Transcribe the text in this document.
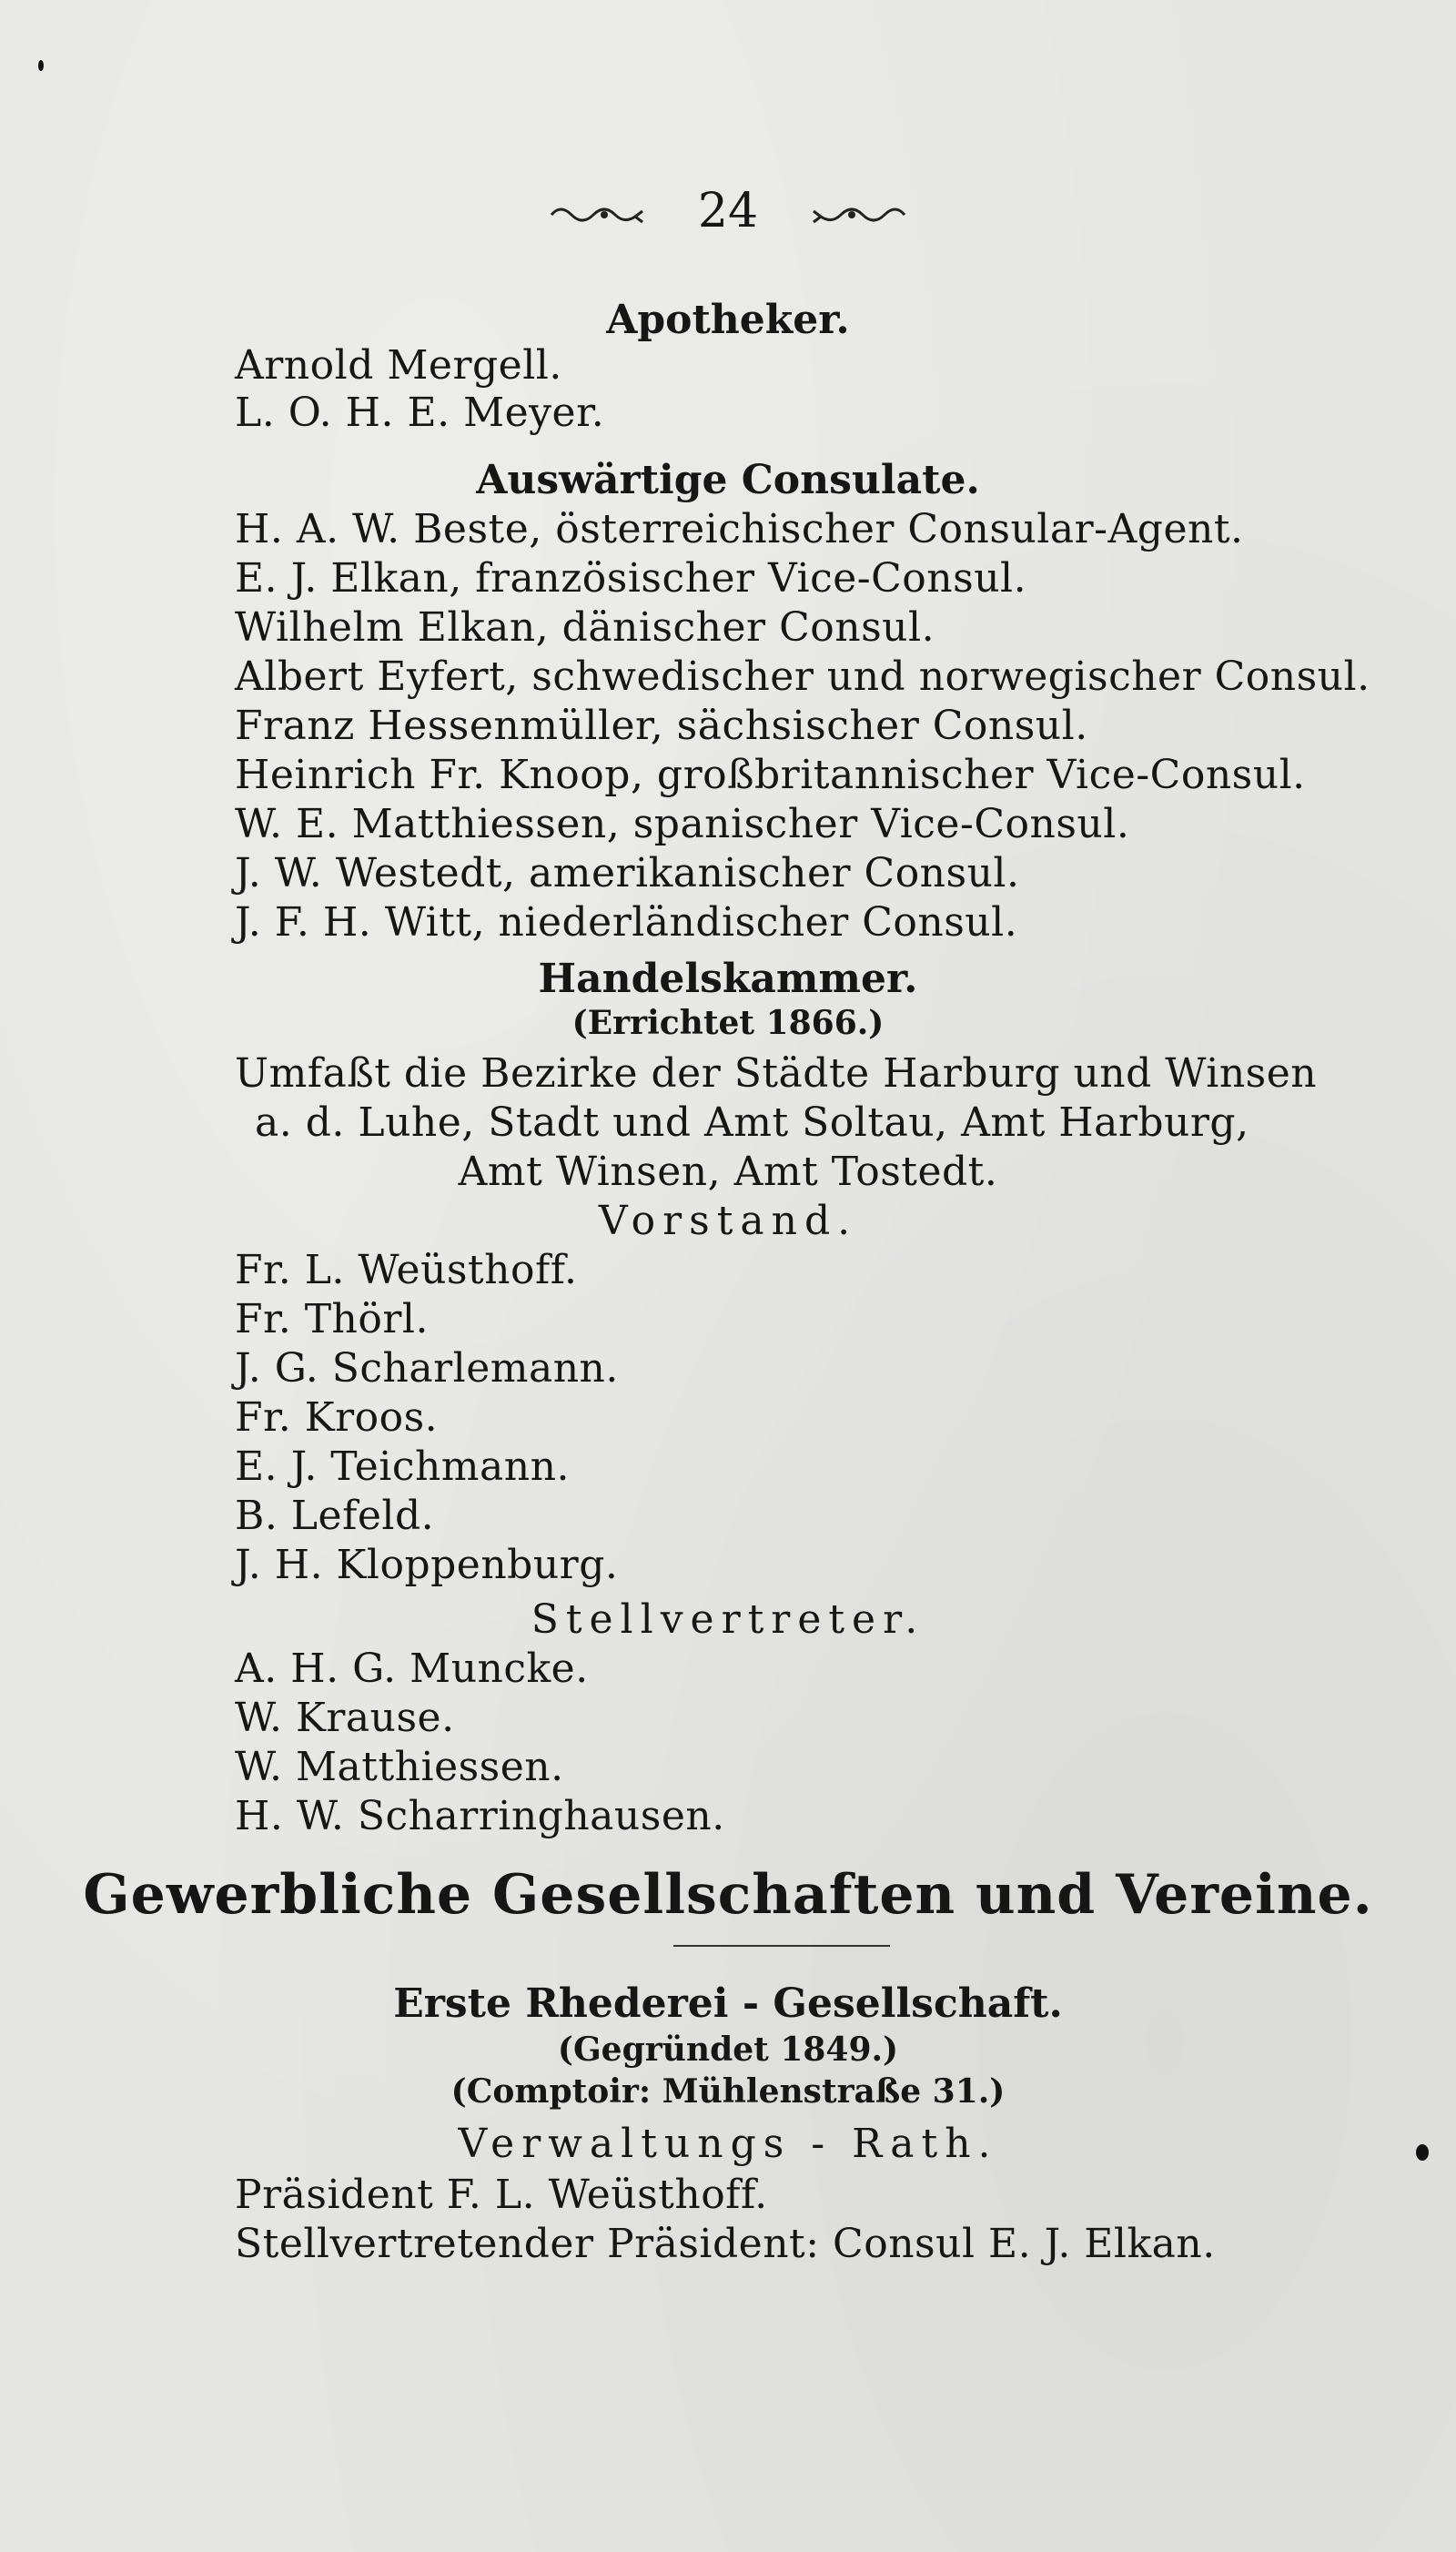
24
Apotheker.
Arnold Mergell.
L. O. H. E. Meyer.
Auswärtige Consulate.
H. A. W. Beste, österreichischer Consular-Agent.
E. J. Elkan, französischer Vice-Consul.
Wilhelm Elkan, dänischer Consul.
Albert Eyfert, schwedischer und norwegischer Consul.
Franz Hessenmüller, sächsischer Consul.
Heinrich Fr. Knoop, großbritannischer Vice-Consul.
W. E. Matthiessen, spanischer Vice-Consul.
J. W. Westedt, amerikanischer Consul.
J. F. H. Witt, niederländischer Consul.
Handelskammer.
(Errichtet 1866.)
Umfaßt die Bezirke der Städte Harburg und Winsen
a. d. Luhe, Stadt und Amt Soltau, Amt Harburg,
Amt Winsen, Amt Tostedt.
Vorstand.
Fr. L. Weüsthoff.
Fr. Thörl.
J. G. Scharlemann.
Fr. Kroos.
E. J. Teichmann.
B. Lefeld.
J. H. Kloppenburg.
Stellvertreter.
A. H. G. Muncke.
W. Krause.
W. Matthiessen.
H. W. Scharringhausen.
Gewerbliche Gesellschaften und Vereine.
Erste Rhederei - Gesellschaft.
(Gegründet 1849.)
(Comptoir: Mühlenstraße 31.)
Verwaltungs - Rath.
Präsident F. L. Weüsthoff.
Stellvertretender Präsident: Consul E. J. Elkan.
